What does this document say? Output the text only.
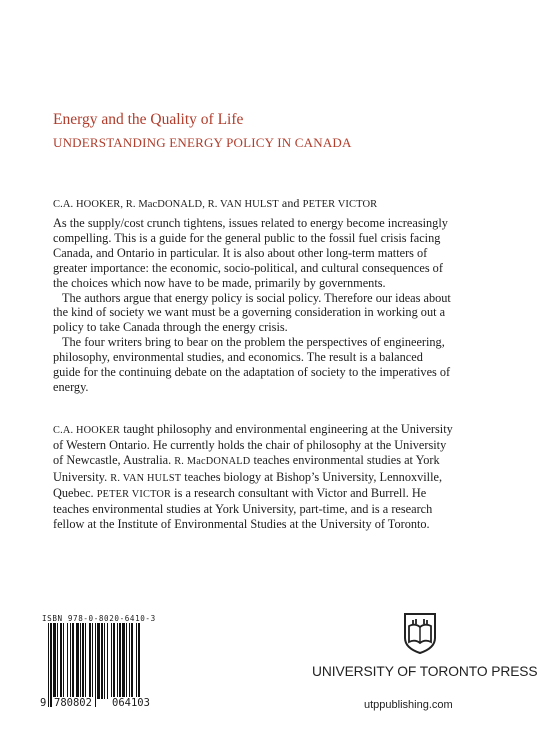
Energy and the Quality of Life
UNDERSTANDING ENERGY POLICY IN CANADA
C.A. HOOKER, R. MacDONALD, R. VAN HULST and PETER VICTOR

As the supply/cost crunch tightens, issues related to energy become increasingly compelling. This is a guide for the general public to the fossil fuel crisis facing Canada, and Ontario in particular. It is also about other long-term matters of greater importance: the economic, socio-political, and cultural consequences of the choices which now have to be made, primarily by governments.

The authors argue that energy policy is social policy. Therefore our ideas about the kind of society we want must be a governing consideration in working out a policy to take Canada through the energy crisis.

The four writers bring to bear on the problem the perspectives of engineering, philosophy, environmental studies, and economics. The result is a balanced guide for the continuing debate on the adaptation of society to the imperatives of energy.

C.A. HOOKER taught philosophy and environmental engineering at the University of Western Ontario. He currently holds the chair of philosophy at the University of Newcastle, Australia. R. MacDONALD teaches environmental studies at York University. R. VAN HULST teaches biology at Bishop’s University, Lennoxville, Quebec. PETER VICTOR is a research consultant with Victor and Burrell. He teaches environmental studies at York University, part-time, and is a research fellow at the Institute of Environmental Studies at the University of Toronto.
ISBN 978-0-8020-6410-3
9 780802 064103
UNIVERSITY OF TORONTO PRESS
utppublishing.com
